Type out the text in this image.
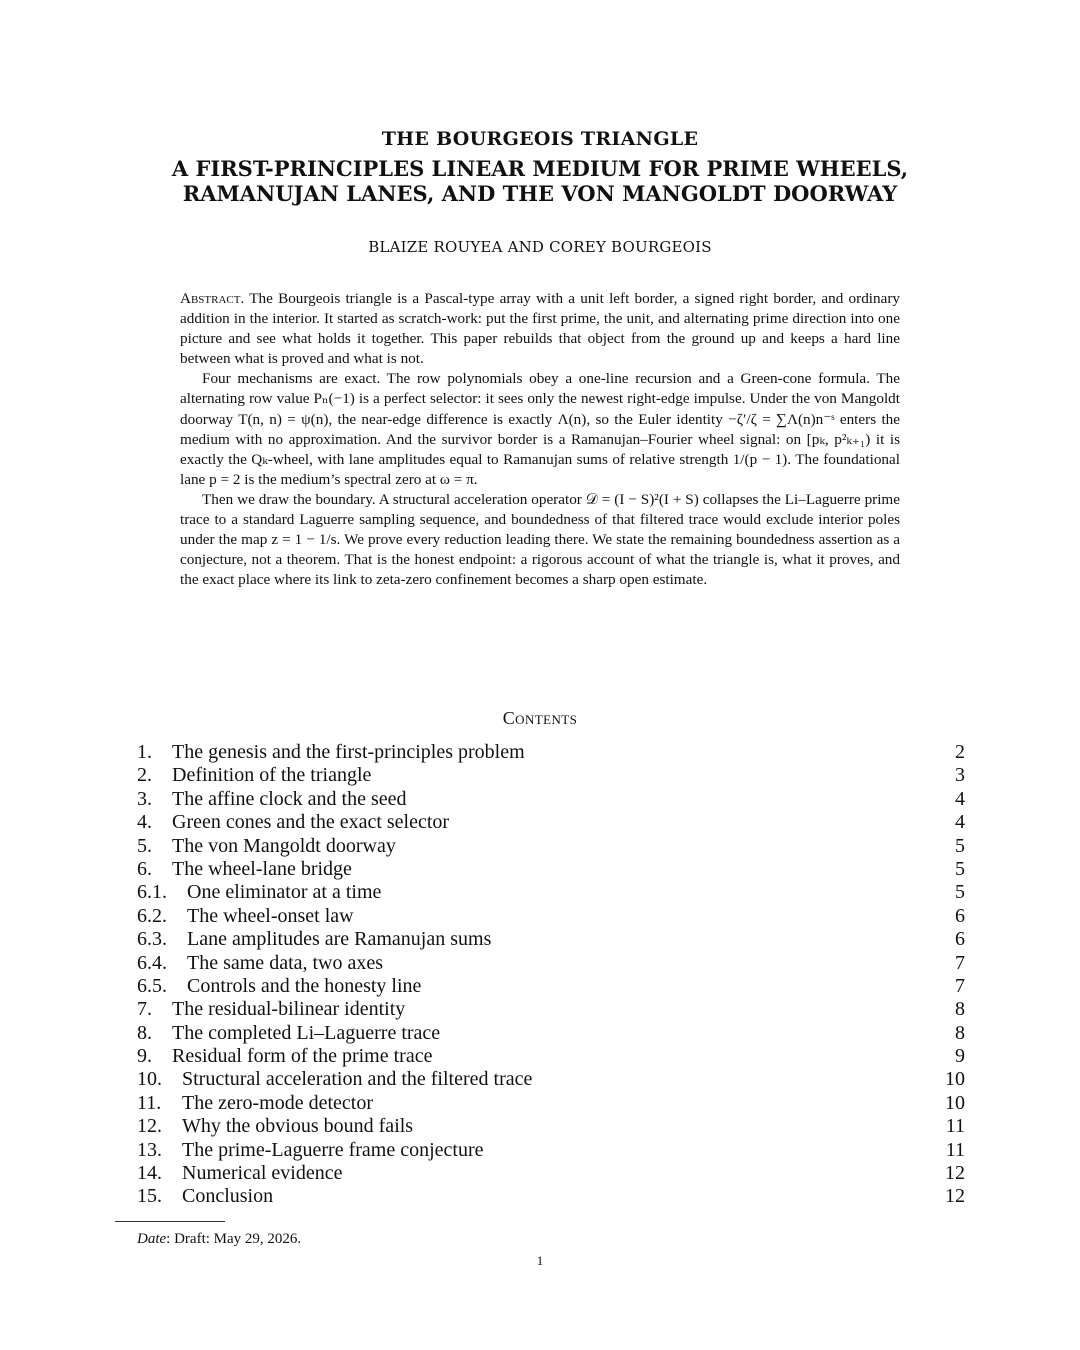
THE BOURGEOIS TRIANGLE
A FIRST-PRINCIPLES LINEAR MEDIUM FOR PRIME WHEELS,
RAMANUJAN LANES, AND THE VON MANGOLDT DOORWAY
BLAIZE ROUYEA AND COREY BOURGEOIS

Abstract. The Bourgeois triangle is a Pascal-type array with a unit left border, a signed right border, and ordinary addition in the interior. It started as scratch-work: put the first prime, the unit, and alternating prime direction into one picture and see what holds it together. This paper rebuilds that object from the ground up and keeps a hard line between what is proved and what is not.

Four mechanisms are exact. The row polynomials obey a one-line recursion and a Green-cone formula. The alternating row value Pₙ(−1) is a perfect selector: it sees only the newest right-edge impulse. Under the von Mangoldt doorway T(n, n) = ψ(n), the near-edge difference is exactly Λ(n), so the Euler identity −ζ′/ζ = ∑Λ(n)n⁻ˢ enters the medium with no approximation. And the survivor border is a Ramanujan–Fourier wheel signal: on [pₖ, p²ₖ₊₁) it is exactly the Qₖ-wheel, with lane amplitudes equal to Ramanujan sums of relative strength 1/(p − 1). The foundational lane p = 2 is the medium’s spectral zero at ω = π.

Then we draw the boundary. A structural acceleration operator 𝒟 = (I − S)²(I + S) collapses the Li–Laguerre prime trace to a standard Laguerre sampling sequence, and boundedness of that filtered trace would exclude interior poles under the map z = 1 − 1/s. We prove every reduction leading there. We state the remaining boundedness assertion as a conjecture, not a theorem. That is the honest endpoint: a rigorous account of what the triangle is, what it proves, and the exact place where its link to zeta-zero confinement becomes a sharp open estimate.

Contents
1.	The genesis and the first-principles problem	2
2.	Definition of the triangle	3
3.	The affine clock and the seed	4
4.	Green cones and the exact selector	4
5.	The von Mangoldt doorway	5
6.	The wheel-lane bridge	5
6.1.	One eliminator at a time	5
6.2.	The wheel-onset law	6
6.3.	Lane amplitudes are Ramanujan sums	6
6.4.	The same data, two axes	7
6.5.	Controls and the honesty line	7
7.	The residual-bilinear identity	8
8.	The completed Li–Laguerre trace	8
9.	Residual form of the prime trace	9
10.	Structural acceleration and the filtered trace	10
11.	The zero-mode detector	10
12.	Why the obvious bound fails	11
13.	The prime-Laguerre frame conjecture	11
14.	Numerical evidence	12
15.	Conclusion	12
Date: Draft: May 29, 2026.
1
